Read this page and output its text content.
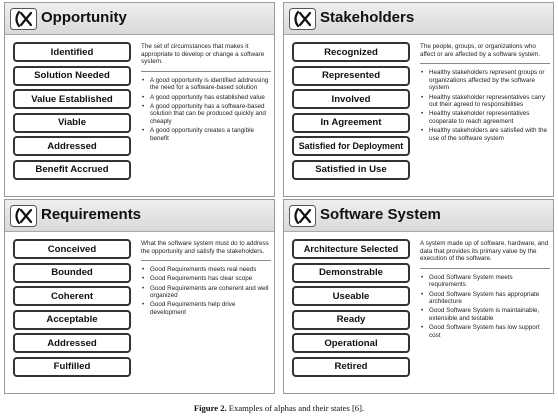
Opportunity
Identified
Solution Needed
Value Established
Viable
Addressed
Benefit Accrued

The set of circumstances that makes it appropriate to develop or change a software system.

• A good opportunity is identified addressing the need for a software-based solution
• A good opportunity has established value
• A good opportunity has a software-based solution that can be produced quickly and cheaply
• A good opportunity creates a tangible benefit
Stakeholders
Recognized
Represented
Involved
In Agreement
Satisfied for Deployment
Satisfied in Use

The people, groups, or organizations who affect or are affected by a software system.

• Healthy stakeholders represent groups or organizations affected by the software system
• Healthy stakeholder representatives carry out their agreed to responsibilities
• Healthy stakeholder representatives cooperate to reach agreement
• Healthy stakeholders are satisfied with the use of the software system
Requirements
Conceived
Bounded
Coherent
Acceptable
Addressed
Fulfilled

What the software system must do to address the opportunity and satisfy the stakeholders.

• Good Requirements meets real needs
• Good Requirements has clear scope
• Good Requirements are coherent and well organized
• Good Requirements help drive development
Software System
Architecture Selected
Demonstrable
Useable
Ready
Operational
Retired

A system made up of software, hardware, and data that provides its primary value by the execution of the software.

• Good Software System meets requirements
• Good Software System has appropriate architecture
• Good Software System is maintainable, extensible and testable
• Good Software System has low support cost
Figure 2. Examples of alphas and their states [6].
